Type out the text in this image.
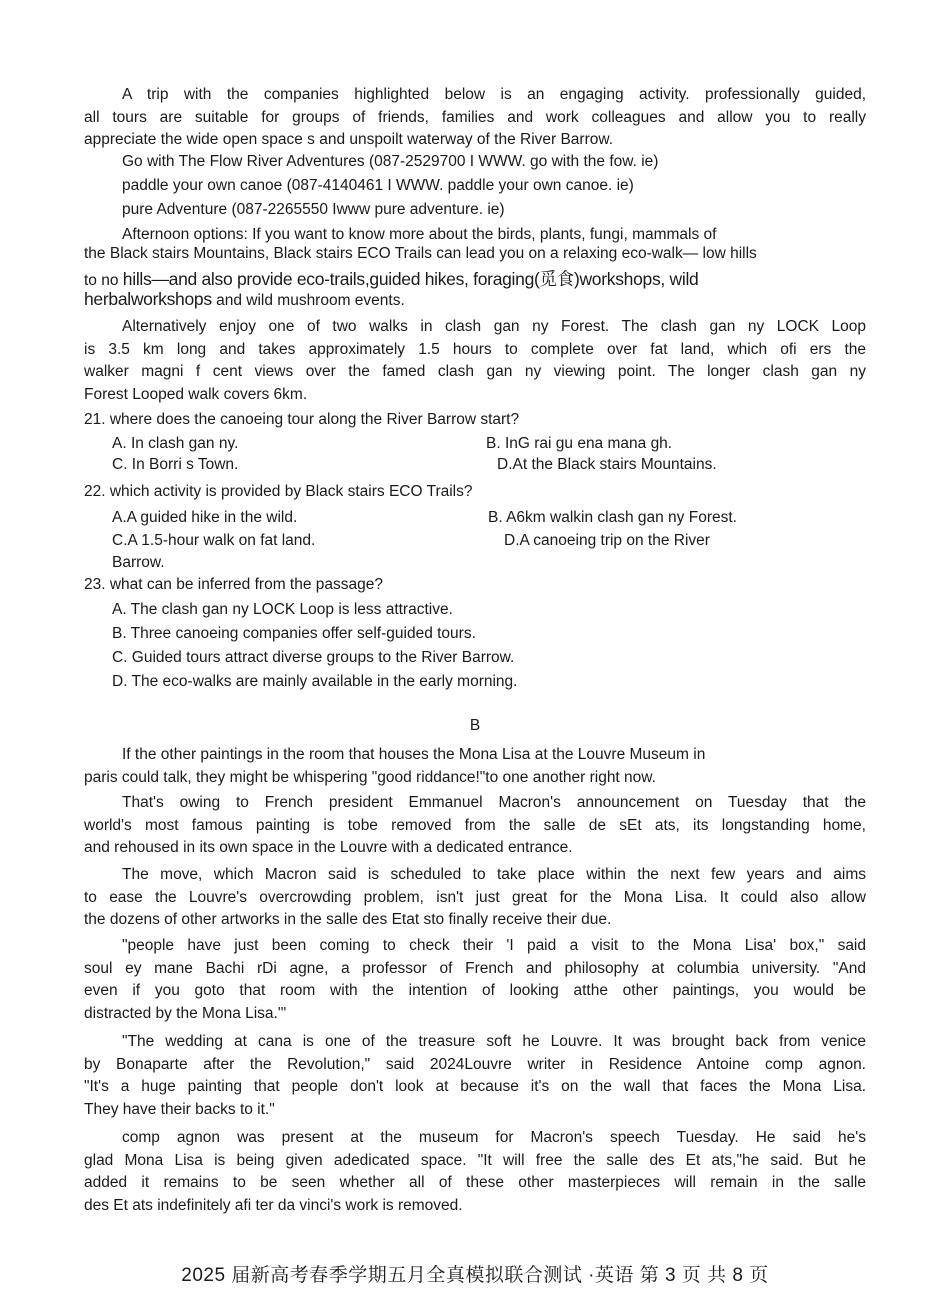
A trip with the companies highlighted below is an engaging activity. professionally guided,
all tours are suitable for groups of friends, families and work colleagues and allow you to really
appreciate the wide open space s and unspoilt waterway of the River Barrow.
Go with The Flow River Adventures (087-2529700 I WWW. go with the fow. ie)
paddle your own canoe (087-4140461 I WWW. paddle your own canoe. ie)
pure Adventure (087-2265550 Iwww pure adventure. ie)
Afternoon options: If you want to know more about the birds, plants, fungi, mammals of
the Black stairs Mountains, Black stairs ECO Trails can lead you on a relaxing eco-walk— low hills
to no hills—and also provide eco-trails,guided hikes, foraging(觅食)workshops, wild
herbalworkshops and wild mushroom events.
Alternatively enjoy one of two walks in clash gan ny Forest. The clash gan ny LOCK Loop
is 3.5 km long and takes approximately 1.5 hours to complete over fat land, which ofi ers the
walker magni f cent views over the famed clash gan ny viewing point. The longer clash gan ny
Forest Looped walk covers 6km.
21. where does the canoeing tour along the River Barrow start?
A. In clash gan ny.	B. InG rai gu ena mana gh.
C. In Borri s Town.	D.At the Black stairs Mountains.
22. which activity is provided by Black stairs ECO Trails?
A.A guided hike in the wild.	B. A6km walkin clash gan ny Forest.
C.A 1.5-hour walk on fat land.	D.A canoeing trip on the River
Barrow.
23. what can be inferred from the passage?
A. The clash gan ny LOCK Loop is less attractive.
B. Three canoeing companies offer self-guided tours.
C. Guided tours attract diverse groups to the River Barrow.
D. The eco-walks are mainly available in the early morning.
B
If the other paintings in the room that houses the Mona Lisa at the Louvre Museum in
paris could talk, they might be whispering "good riddance!"to one another right now.
That's owing to French president Emmanuel Macron's announcement on Tuesday that the
world's most famous painting is tobe removed from the salle de sEt ats, its longstanding home,
and rehoused in its own space in the Louvre with a dedicated entrance.
The move, which Macron said is scheduled to take place within the next few years and aims
to ease the Louvre's overcrowding problem, isn't just great for the Mona Lisa. It could also allow
the dozens of other artworks in the salle des Etat sto finally receive their due.
"people have just been coming to check their 'I paid a visit to the Mona Lisa' box," said
soul ey mane Bachi rDi agne, a professor of French and philosophy at columbia university. "And
even if you goto that room with the intention of looking atthe other paintings, you would be
distracted by the Mona Lisa."'
"The wedding at cana is one of the treasure soft he Louvre. It was brought back from venice
by Bonaparte after the Revolution," said 2024Louvre writer in Residence Antoine comp agnon.
"It's a huge painting that people don't look at because it's on the wall that faces the Mona Lisa.
They have their backs to it."
comp agnon was present at the museum for Macron's speech Tuesday. He said he's
glad Mona Lisa is being given adedicated space. "It will free the salle des Et ats,"he said. But he
added it remains to be seen whether all of these other masterpieces will remain in the salle
des Et ats indefinitely afi ter da vinci's work is removed.
2025 届新高考春季学期五月全真模拟联合测试 ·英语 第 3 页 共 8 页
